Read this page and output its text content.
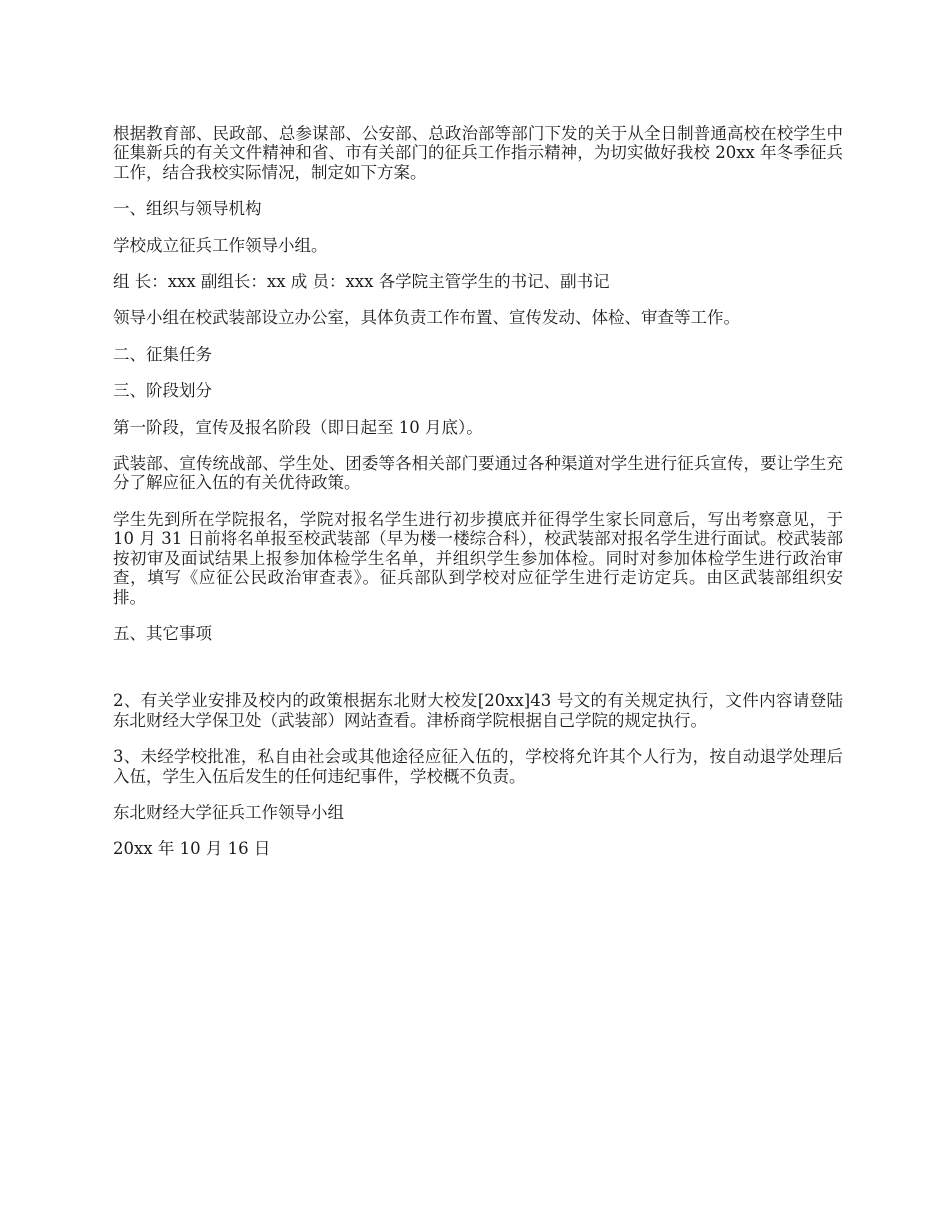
根据教育部、民政部、总参谋部、公安部、总政治部等部门下发的关于从全日制普通高校在校学生中征集新兵的有关文件精神和省、市有关部门的征兵工作指示精神，为切实做好我校 20xx 年冬季征兵工作，结合我校实际情况，制定如下方案。

一、组织与领导机构

学校成立征兵工作领导小组。

组 长：xxx 副组长：xx 成 员：xxx 各学院主管学生的书记、副书记

领导小组在校武装部设立办公室，具体负责工作布置、宣传发动、体检、审查等工作。

二、征集任务

三、阶段划分

第一阶段，宣传及报名阶段（即日起至 10 月底）。

武装部、宣传统战部、学生处、团委等各相关部门要通过各种渠道对学生进行征兵宣传，要让学生充分了解应征入伍的有关优待政策。

学生先到所在学院报名，学院对报名学生进行初步摸底并征得学生家长同意后，写出考察意见，于 10 月 31 日前将名单报至校武装部（早为楼一楼综合科），校武装部对报名学生进行面试。校武装部按初审及面试结果上报参加体检学生名单，并组织学生参加体检。同时对参加体检学生进行政治审查，填写《应征公民政治审查表》。征兵部队到学校对应征学生进行走访定兵。由区武装部组织安排。

五、其它事项

2、有关学业安排及校内的政策根据东北财大校发[20xx]43 号文的有关规定执行，文件内容请登陆东北财经大学保卫处（武装部）网站查看。津桥商学院根据自己学院的规定执行。

3、未经学校批准，私自由社会或其他途径应征入伍的，学校将允许其个人行为，按自动退学处理后入伍，学生入伍后发生的任何违纪事件，学校概不负责。

东北财经大学征兵工作领导小组

20xx 年 10 月 16 日
